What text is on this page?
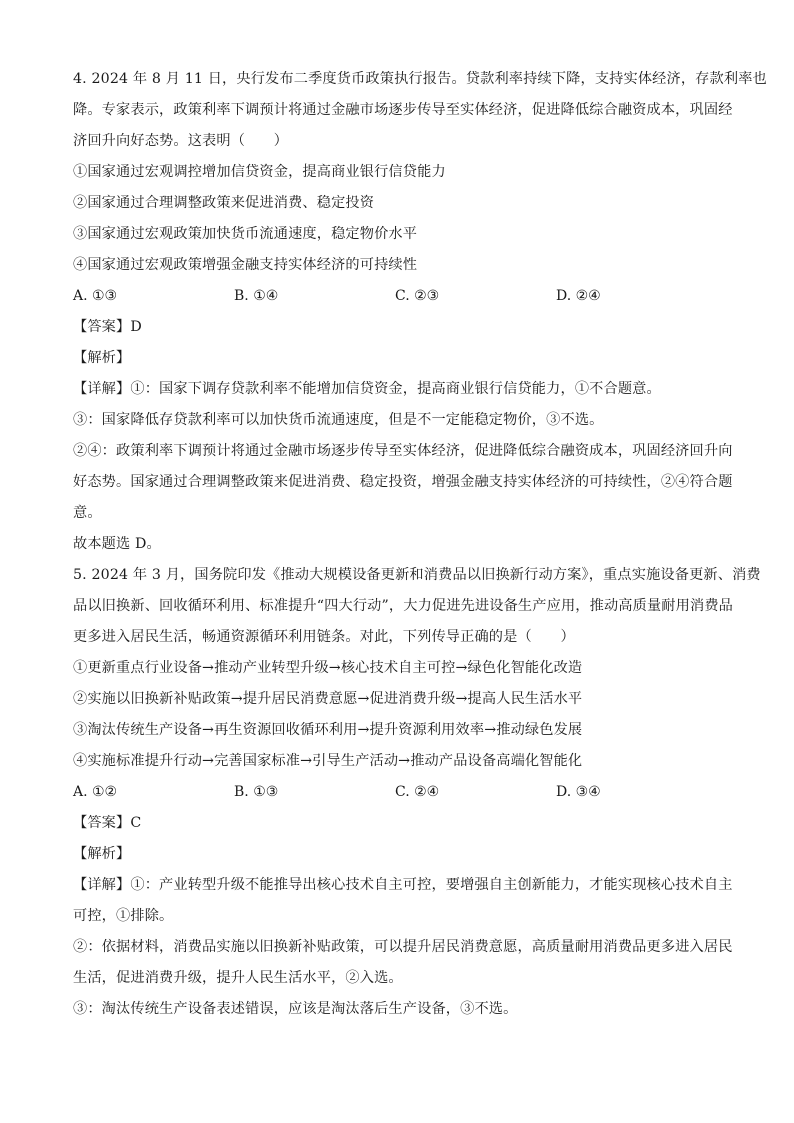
4. 2024 年 8 月 11 日，央行发布二季度货币政策执行报告。贷款利率持续下降，支持实体经济，存款利率也
降。专家表示，政策利率下调预计将通过金融市场逐步传导至实体经济，促进降低综合融资成本，巩固经
济回升向好态势。这表明（　　）
①国家通过宏观调控增加信贷资金，提高商业银行信贷能力
②国家通过合理调整政策来促进消费、稳定投资
③国家通过宏观政策加快货币流通速度，稳定物价水平
④国家通过宏观政策增强金融支持实体经济的可持续性
A. ①③	B. ①④	C. ②③	D. ②④
【答案】D
【解析】
【详解】①：国家下调存贷款利率不能增加信贷资金，提高商业银行信贷能力，①不合题意。
③：国家降低存贷款利率可以加快货币流通速度，但是不一定能稳定物价，③不选。
②④：政策利率下调预计将通过金融市场逐步传导至实体经济，促进降低综合融资成本，巩固经济回升向
好态势。国家通过合理调整政策来促进消费、稳定投资，增强金融支持实体经济的可持续性，②④符合题
意。
故本题选 D。
5. 2024 年 3 月，国务院印发《推动大规模设备更新和消费品以旧换新行动方案》，重点实施设备更新、消费
品以旧换新、回收循环利用、标准提升“四大行动”，大力促进先进设备生产应用，推动高质量耐用消费品
更多进入居民生活，畅通资源循环利用链条。对此，下列传导正确的是（　　）
①更新重点行业设备→推动产业转型升级→核心技术自主可控→绿色化智能化改造
②实施以旧换新补贴政策→提升居民消费意愿→促进消费升级→提高人民生活水平
③淘汰传统生产设备→再生资源回收循环利用→提升资源利用效率→推动绿色发展
④实施标准提升行动→完善国家标准→引导生产活动→推动产品设备高端化智能化
A. ①②	B. ①③	C. ②④	D. ③④
【答案】C
【解析】
【详解】①：产业转型升级不能推导出核心技术自主可控，要增强自主创新能力，才能实现核心技术自主
可控，①排除。
②：依据材料，消费品实施以旧换新补贴政策，可以提升居民消费意愿，高质量耐用消费品更多进入居民
生活，促进消费升级，提升人民生活水平，②入选。
③：淘汰传统生产设备表述错误，应该是淘汰落后生产设备，③不选。
